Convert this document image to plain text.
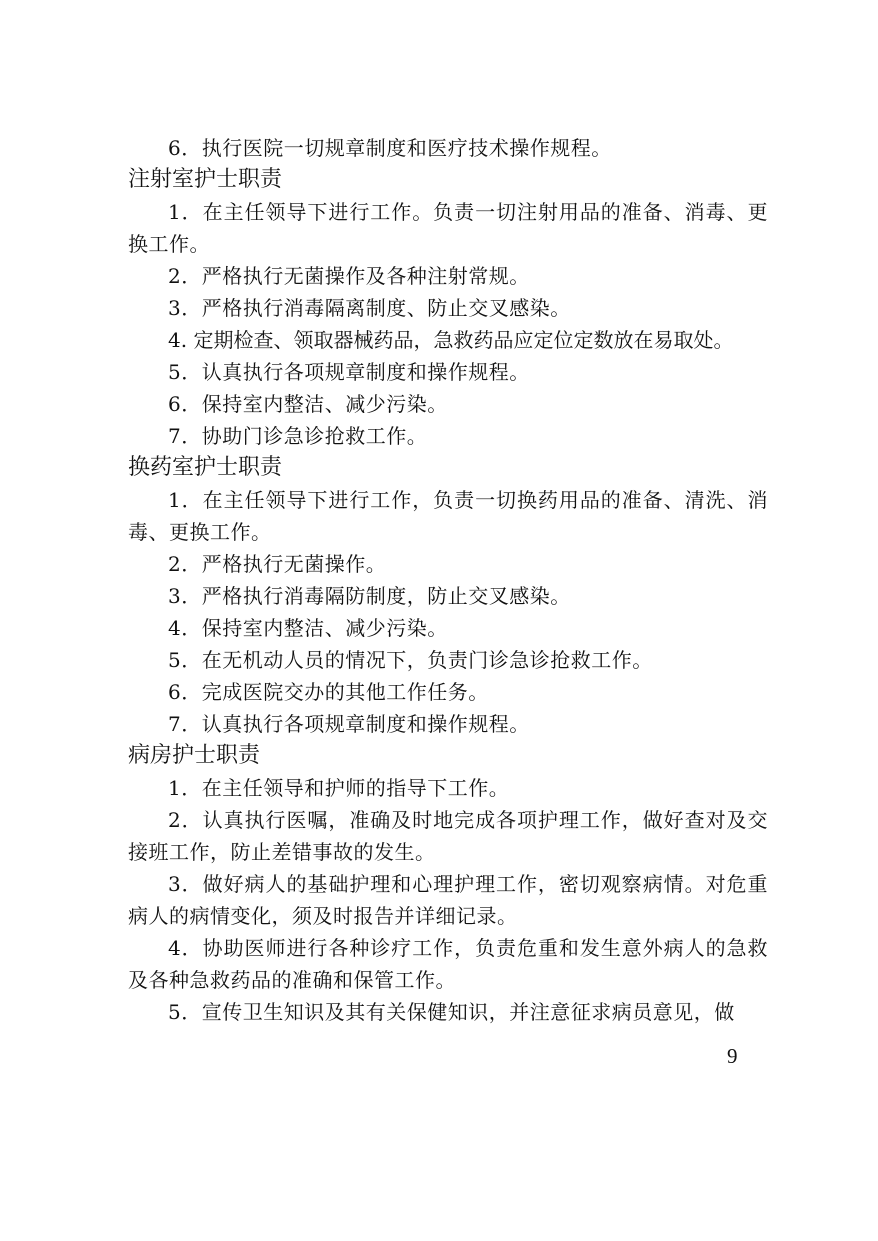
6．执行医院一切规章制度和医疗技术操作规程。

注射室护士职责

1．在主任领导下进行工作。负责一切注射用品的准备、消毒、更换工作。

2．严格执行无菌操作及各种注射常规。

3．严格执行消毒隔离制度、防止交叉感染。

4. 定期检查、领取器械药品，急救药品应定位定数放在易取处。

5．认真执行各项规章制度和操作规程。

6．保持室内整洁、减少污染。

7．协助门诊急诊抢救工作。

换药室护士职责

1．在主任领导下进行工作，负责一切换药用品的准备、清洗、消毒、更换工作。

2．严格执行无菌操作。

3．严格执行消毒隔防制度，防止交叉感染。

4．保持室内整洁、减少污染。

5．在无机动人员的情况下，负责门诊急诊抢救工作。

6．完成医院交办的其他工作任务。

7．认真执行各项规章制度和操作规程。

病房护士职责

1．在主任领导和护师的指导下工作。

2．认真执行医嘱，准确及时地完成各项护理工作，做好查对及交接班工作，防止差错事故的发生。

3．做好病人的基础护理和心理护理工作，密切观察病情。对危重病人的病情变化，须及时报告并详细记录。

4．协助医师进行各种诊疗工作，负责危重和发生意外病人的急救及各种急救药品的准确和保管工作。

5．宣传卫生知识及其有关保健知识，并注意征求病员意见，做

9
